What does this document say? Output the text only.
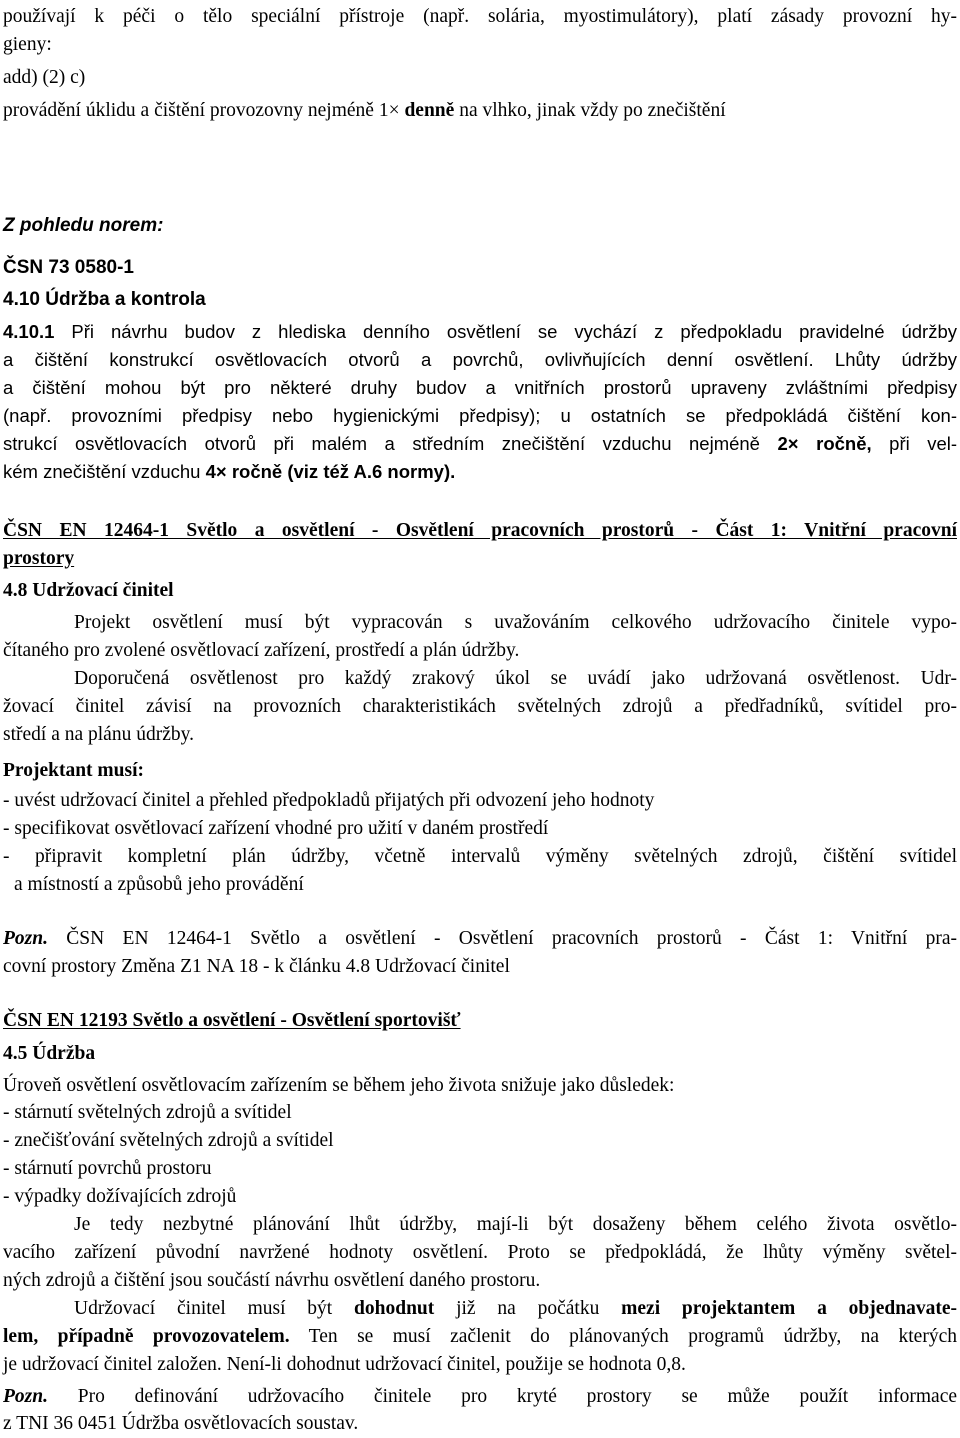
používají k péči o tělo speciální přístroje (např. solária, myostimulátory), platí zásady provozní hy-
gieny:
add) (2) c)
provádění úklidu a čištění provozovny nejméně 1× denně na vlhko, jinak vždy po znečištění
Z pohledu norem:
ČSN 73 0580-1
4.10 Údržba a kontrola
4.10.1 Při návrhu budov z hlediska denního osvětlení se vychází z předpokladu pravidelné údržby
a čištění konstrukcí osvětlovacích otvorů a povrchů, ovlivňujících denní osvětlení. Lhůty údržby
a čištění mohou být pro některé druhy budov a vnitřních prostorů upraveny zvláštními předpisy
(např. provozními předpisy nebo hygienickými předpisy); u ostatních se předpokládá čištění kon-
strukcí osvětlovacích otvorů při malém a středním znečištění vzduchu nejméně 2× ročně, při vel-
kém znečištění vzduchu 4× ročně (viz též A.6 normy).
ČSN EN 12464-1 Světlo a osvětlení - Osvětlení pracovních prostorů - Část 1: Vnitřní pracovní
prostory
4.8 Udržovací činitel
Projekt osvětlení musí být vypracován s uvažováním celkového udržovacího činitele vypo-
čítaného pro zvolené osvětlovací zařízení, prostředí a plán údržby.
Doporučená osvětlenost pro každý zrakový úkol se uvádí jako udržovaná osvětlenost. Udr-
žovací činitel závisí na provozních charakteristikách světelných zdrojů a předřadníků, svítidel pro-
středí a na plánu údržby.
Projektant musí:
- uvést udržovací činitel a přehled předpokladů přijatých při odvození jeho hodnoty
- specifikovat osvětlovací zařízení vhodné pro užití v daném prostředí
- připravit kompletní plán údržby, včetně intervalů výměny světelných zdrojů, čištění svítidel
a místností a způsobů jeho provádění
Pozn. ČSN EN 12464-1 Světlo a osvětlení - Osvětlení pracovních prostorů - Část 1: Vnitřní pra-
covní prostory Změna Z1 NA 18 - k článku 4.8 Udržovací činitel
ČSN EN 12193 Světlo a osvětlení - Osvětlení sportovišť
4.5 Údržba
Úroveň osvětlení osvětlovacím zařízením se během jeho života snižuje jako důsledek:
- stárnutí světelných zdrojů a svítidel
- znečišťování světelných zdrojů a svítidel
- stárnutí povrchů prostoru
- výpadky dožívajících zdrojů
Je tedy nezbytné plánování lhůt údržby, mají-li být dosaženy během celého života osvětlo-
vacího zařízení původní navržené hodnoty osvětlení. Proto se předpokládá, že lhůty výměny světel-
ných zdrojů a čištění jsou součástí návrhu osvětlení daného prostoru.
Udržovací činitel musí být dohodnut již na počátku mezi projektantem a objednavate-
lem, případně provozovatelem. Ten se musí začlenit do plánovaných programů údržby, na kterých
je udržovací činitel založen. Není-li dohodnut udržovací činitel, použije se hodnota 0,8.
Pozn. Pro definování udržovacího činitele pro kryté prostory se může použít informace
z TNI 36 0451 Údržba osvětlovacích soustav.
